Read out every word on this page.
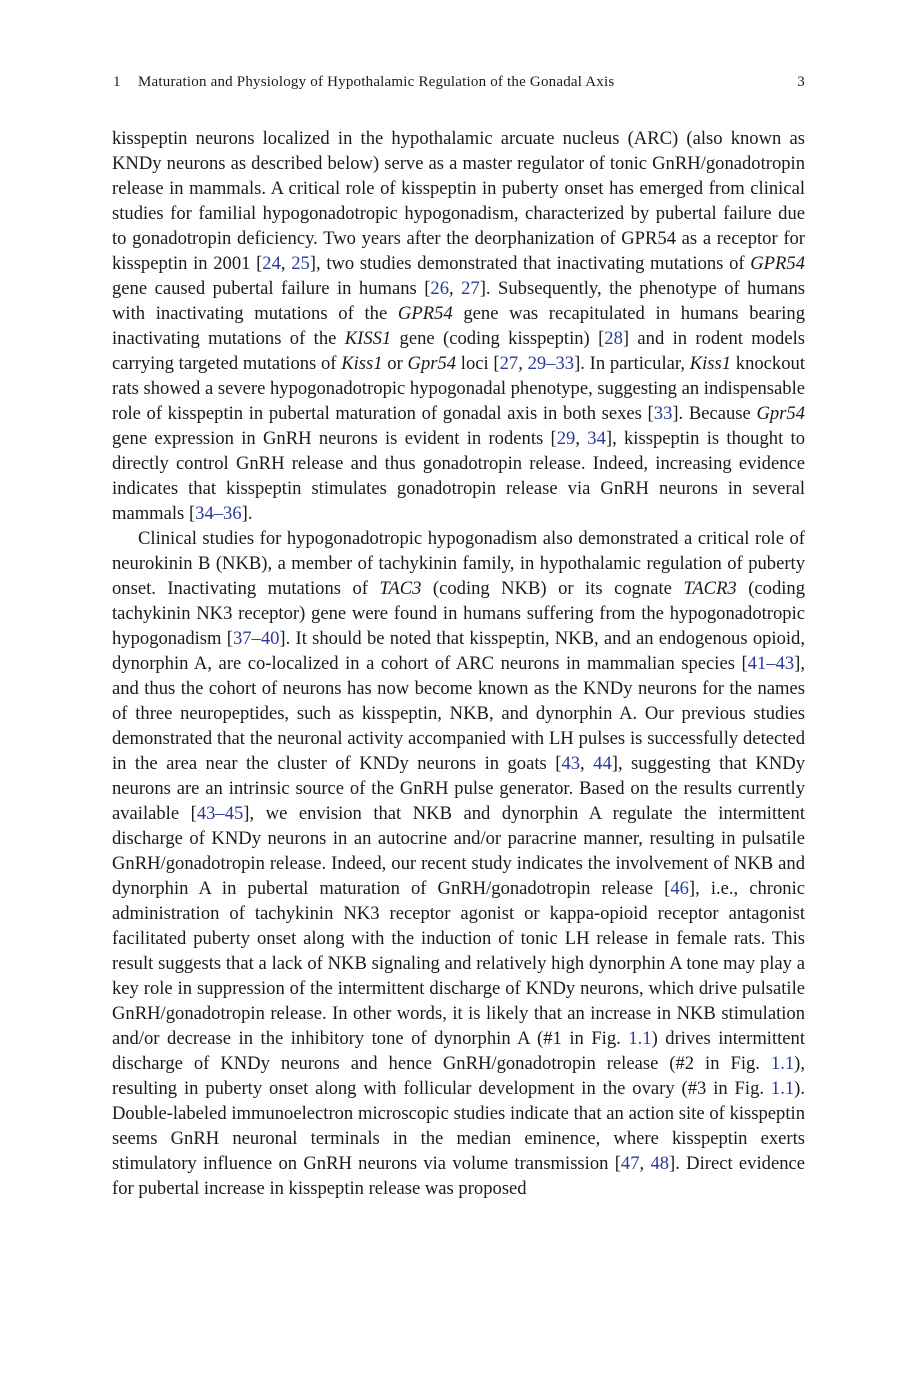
1 Maturation and Physiology of Hypothalamic Regulation of the Gonadal Axis	3

kisspeptin neurons localized in the hypothalamic arcuate nucleus (ARC) (also known as KNDy neurons as described below) serve as a master regulator of tonic GnRH/gonadotropin release in mammals. A critical role of kisspeptin in puberty onset has emerged from clinical studies for familial hypogonadotropic hypogonadism, characterized by pubertal failure due to gonadotropin deficiency. Two years after the deorphanization of GPR54 as a receptor for kisspeptin in 2001 [24, 25], two studies demonstrated that inactivating mutations of GPR54 gene caused pubertal failure in humans [26, 27]. Subsequently, the phenotype of humans with inactivating mutations of the GPR54 gene was recapitulated in humans bearing inactivating mutations of the KISS1 gene (coding kisspeptin) [28] and in rodent models carrying targeted mutations of Kiss1 or Gpr54 loci [27, 29–33]. In particular, Kiss1 knockout rats showed a severe hypogonadotropic hypogonadal phenotype, suggesting an indispensable role of kisspeptin in pubertal maturation of gonadal axis in both sexes [33]. Because Gpr54 gene expression in GnRH neurons is evident in rodents [29, 34], kisspeptin is thought to directly control GnRH release and thus gonadotropin release. Indeed, increasing evidence indicates that kisspeptin stimulates gonadotropin release via GnRH neurons in several mammals [34–36].

Clinical studies for hypogonadotropic hypogonadism also demonstrated a critical role of neurokinin B (NKB), a member of tachykinin family, in hypothalamic regulation of puberty onset. Inactivating mutations of TAC3 (coding NKB) or its cognate TACR3 (coding tachykinin NK3 receptor) gene were found in humans suffering from the hypogonadotropic hypogonadism [37–40]. It should be noted that kisspeptin, NKB, and an endogenous opioid, dynorphin A, are co-localized in a cohort of ARC neurons in mammalian species [41–43], and thus the cohort of neurons has now become known as the KNDy neurons for the names of three neuropeptides, such as kisspeptin, NKB, and dynorphin A. Our previous studies demonstrated that the neuronal activity accompanied with LH pulses is successfully detected in the area near the cluster of KNDy neurons in goats [43, 44], suggesting that KNDy neurons are an intrinsic source of the GnRH pulse generator. Based on the results currently available [43–45], we envision that NKB and dynorphin A regulate the intermittent discharge of KNDy neurons in an autocrine and/or paracrine manner, resulting in pulsatile GnRH/gonadotropin release. Indeed, our recent study indicates the involvement of NKB and dynorphin A in pubertal maturation of GnRH/gonadotropin release [46], i.e., chronic administration of tachykinin NK3 receptor agonist or kappa-opioid receptor antagonist facilitated puberty onset along with the induction of tonic LH release in female rats. This result suggests that a lack of NKB signaling and relatively high dynorphin A tone may play a key role in suppression of the intermittent discharge of KNDy neurons, which drive pulsatile GnRH/gonadotropin release. In other words, it is likely that an increase in NKB stimulation and/or decrease in the inhibitory tone of dynorphin A (#1 in Fig. 1.1) drives intermittent discharge of KNDy neurons and hence GnRH/gonadotropin release (#2 in Fig. 1.1), resulting in puberty onset along with follicular development in the ovary (#3 in Fig. 1.1). Double-labeled immunoelectron microscopic studies indicate that an action site of kisspeptin seems GnRH neuronal terminals in the median eminence, where kisspeptin exerts stimulatory influence on GnRH neurons via volume transmission [47, 48]. Direct evidence for pubertal increase in kisspeptin release was proposed
